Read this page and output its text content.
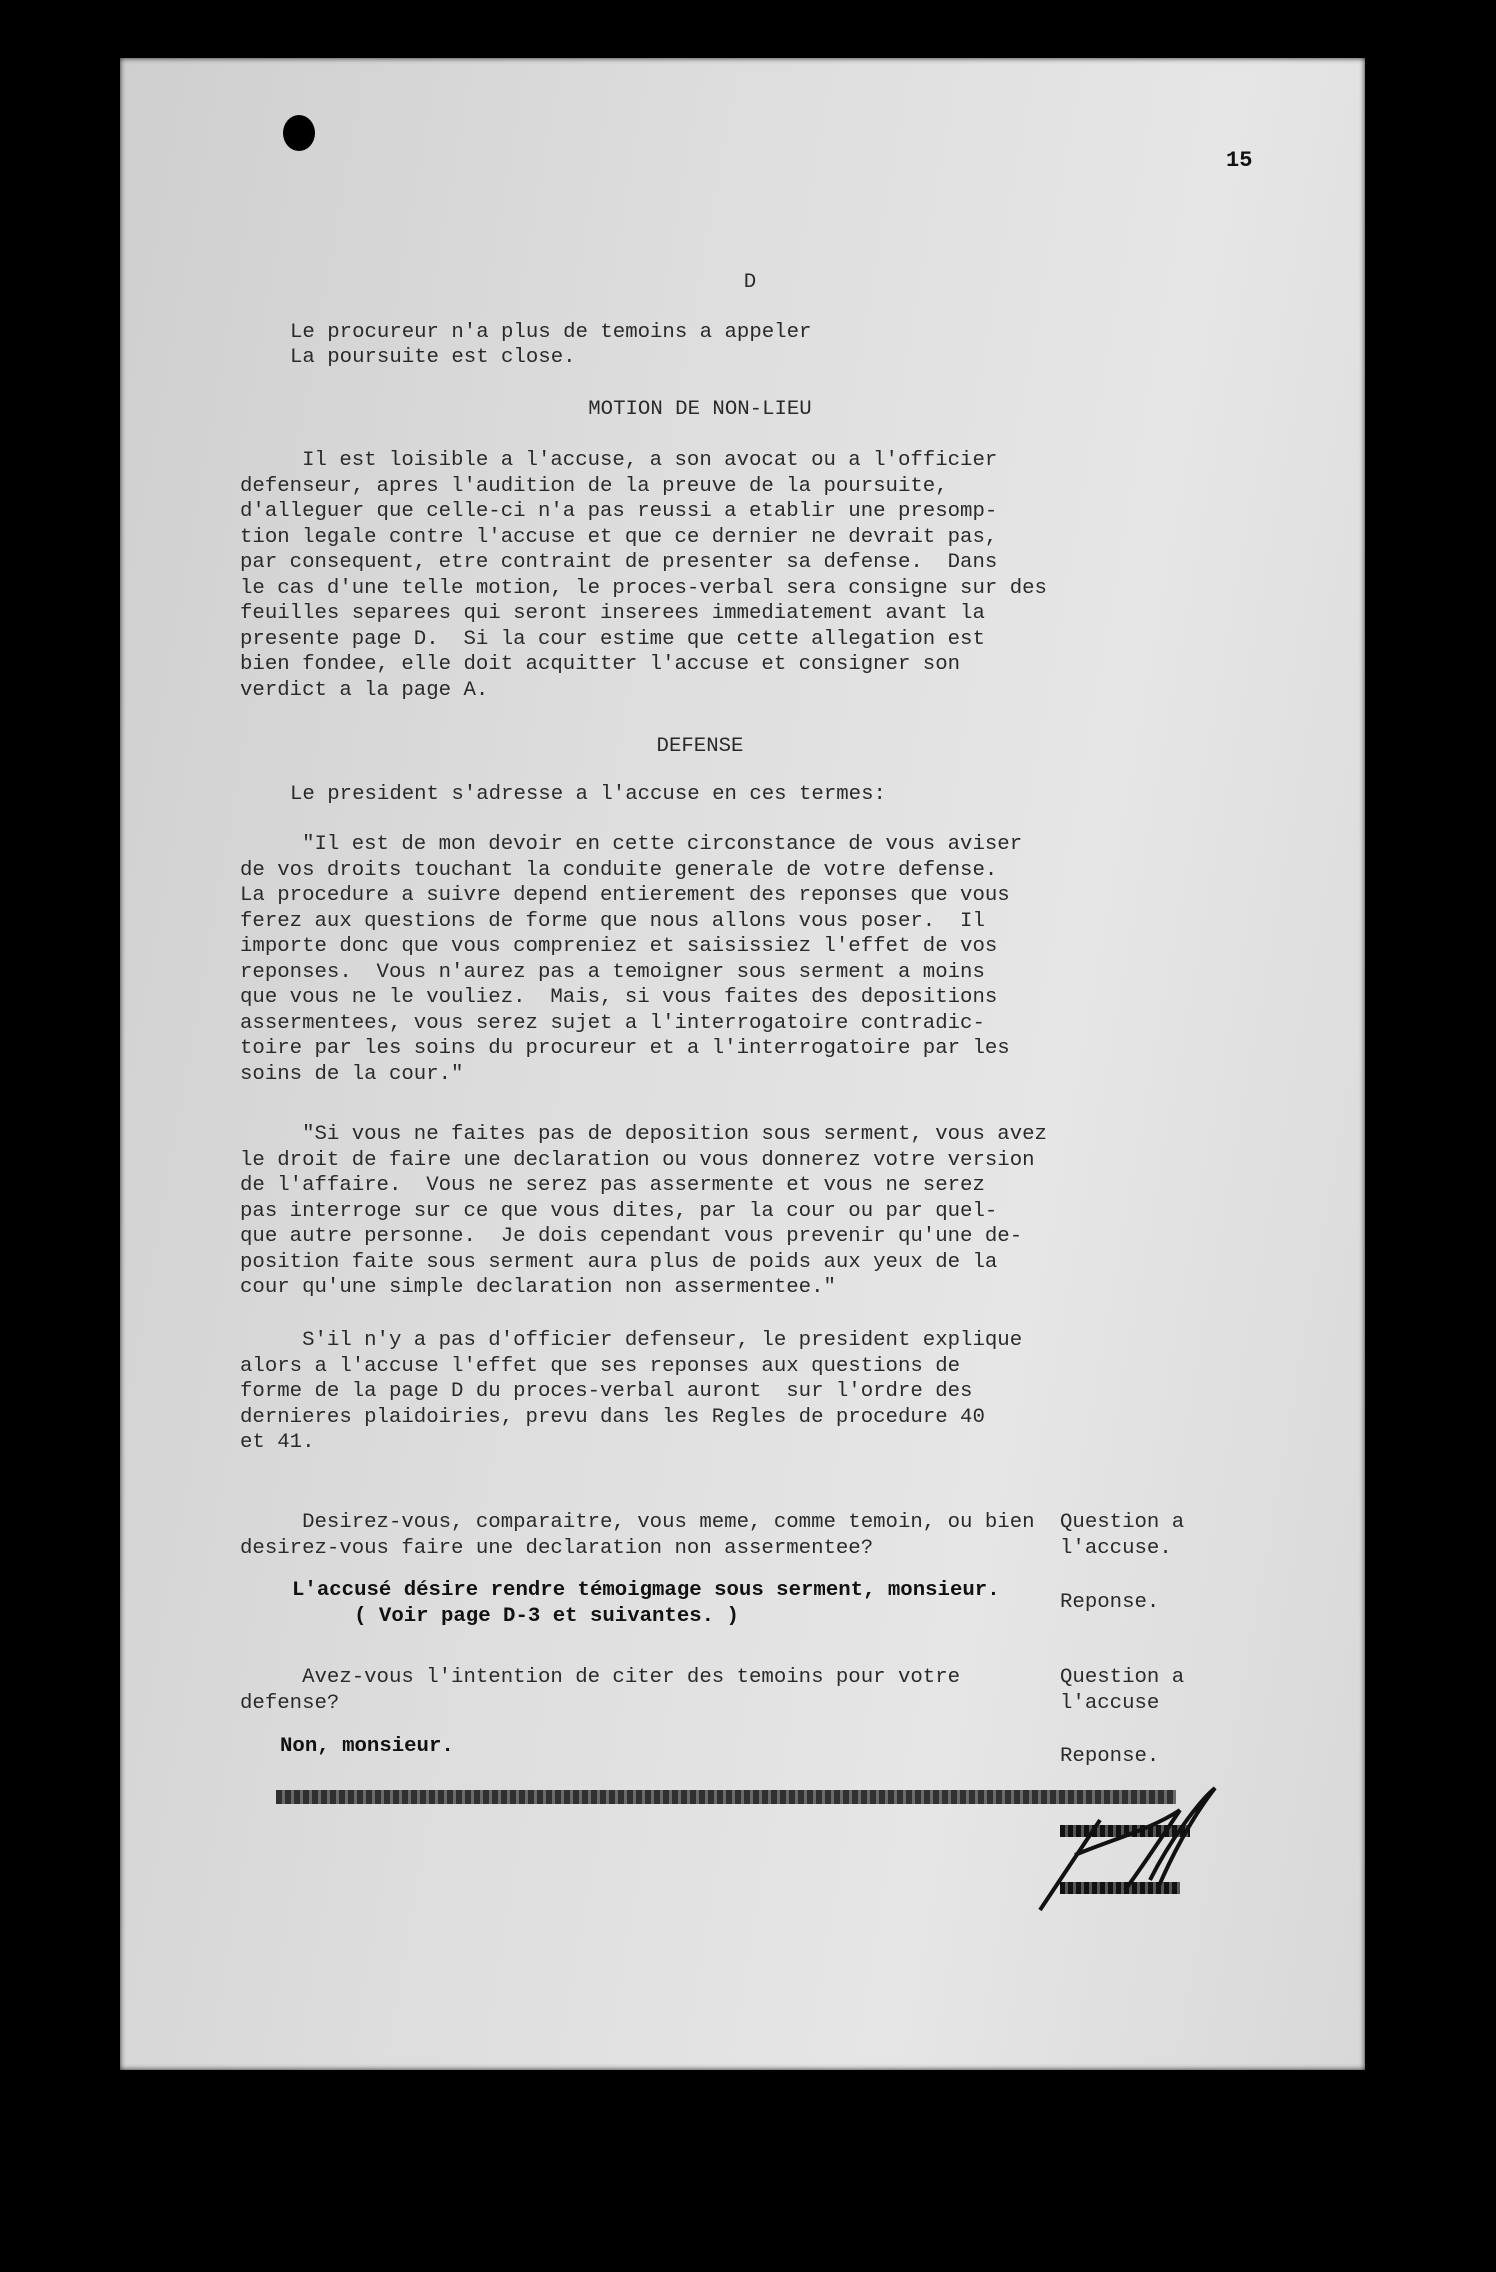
15
D
Le procureur n'a plus de temoins a appeler
La poursuite est close.
MOTION DE NON-LIEU
Il est loisible a l'accuse, a son avocat ou a l'officier
defenseur, apres l'audition de la preuve de la poursuite,
d'alleguer que celle-ci n'a pas reussi a etablir une presomp-
tion legale contre l'accuse et que ce dernier ne devrait pas,
par consequent, etre contraint de presenter sa defense.  Dans
le cas d'une telle motion, le proces-verbal sera consigne sur des
feuilles separees qui seront inserees immediatement avant la
presente page D.  Si la cour estime que cette allegation est
bien fondee, elle doit acquitter l'accuse et consigner son
verdict a la page A.
DEFENSE
Le president s'adresse a l'accuse en ces termes:
"Il est de mon devoir en cette circonstance de vous aviser
de vos droits touchant la conduite generale de votre defense.
La procedure a suivre depend entierement des reponses que vous
ferez aux questions de forme que nous allons vous poser.  Il
importe donc que vous compreniez et saisissiez l'effet de vos
reponses.  Vous n'aurez pas a temoigner sous serment a moins
que vous ne le vouliez.  Mais, si vous faites des depositions
assermentees, vous serez sujet a l'interrogatoire contradic-
toire par les soins du procureur et a l'interrogatoire par les
soins de la cour."
"Si vous ne faites pas de deposition sous serment, vous avez
le droit de faire une declaration ou vous donnerez votre version
de l'affaire.  Vous ne serez pas assermente et vous ne serez
pas interroge sur ce que vous dites, par la cour ou par quel-
que autre personne.  Je dois cependant vous prevenir qu'une de-
position faite sous serment aura plus de poids aux yeux de la
cour qu'une simple declaration non assermentee."
S'il n'y a pas d'officier defenseur, le president explique
alors a l'accuse l'effet que ses reponses aux questions de
forme de la page D du proces-verbal auront  sur l'ordre des
dernieres plaidoiries, prevu dans les Regles de procedure 40
et 41.
Desirez-vous, comparaitre, vous meme, comme temoin, ou bien
desirez-vous faire une declaration non assermentee?
Question a
l'accuse.
L'accusé désire rendre témoigmage sous serment, monsieur.
( Voir page D-3 et suivantes. )
Reponse.
Avez-vous l'intention de citer des temoins pour votre
defense?
Question a
l'accuse
Non, monsieur.	Reponse.
